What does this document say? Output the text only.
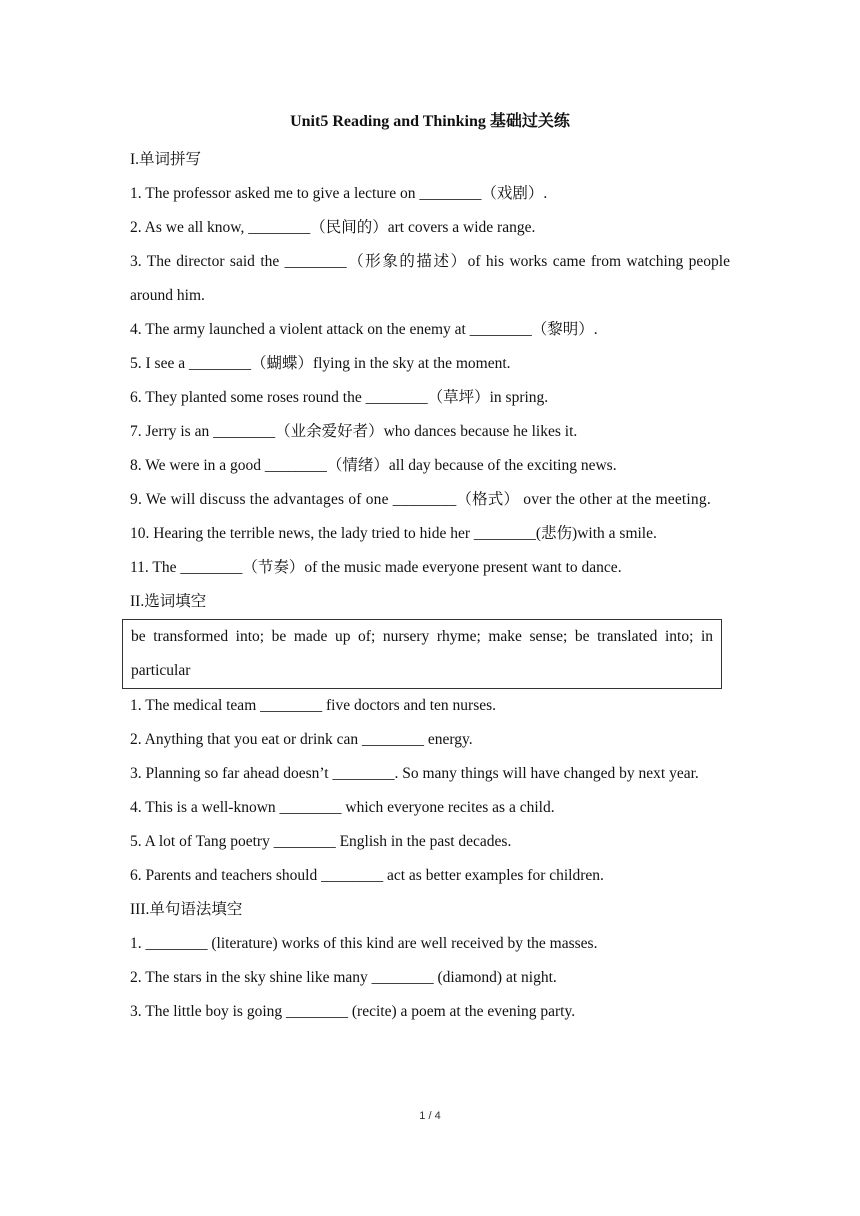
Unit5 Reading and Thinking 基础过关练

I.单词拼写

1. The professor asked me to give a lecture on ________（戏剧）.

2. As we all know, ________（民间的）art covers a wide range.

3. The director said the ________（形象的描述）of his works came from watching people around him.

4. The army launched a violent attack on the enemy at ________（黎明）.

5. I see a ________（蝴蝶）flying in the sky at the moment.

6. They planted some roses round the ________（草坪）in spring.

7. Jerry is an ________（业余爱好者）who dances because he likes it.

8. We were in a good ________（情绪）all day because of the exciting news.

9. We will discuss the advantages of one ________（格式） over the other at the meeting.

10. Hearing the terrible news, the lady tried to hide her ________(悲伤)with a smile.

11. The ________（节奏）of the music made everyone present want to dance.

II.选词填空

be transformed into; be made up of; nursery rhyme; make sense; be translated into; in particular

1. The medical team ________ five doctors and ten nurses.

2. Anything that you eat or drink can ________ energy.

3. Planning so far ahead doesn’t ________. So many things will have changed by next year.

4. This is a well-known ________ which everyone recites as a child.

5. A lot of Tang poetry ________ English in the past decades.

6. Parents and teachers should ________ act as better examples for children.

III.单句语法填空

1. ________ (literature) works of this kind are well received by the masses.

2. The stars in the sky shine like many ________ (diamond) at night.

3. The little boy is going ________ (recite) a poem at the evening party.

1 / 4
